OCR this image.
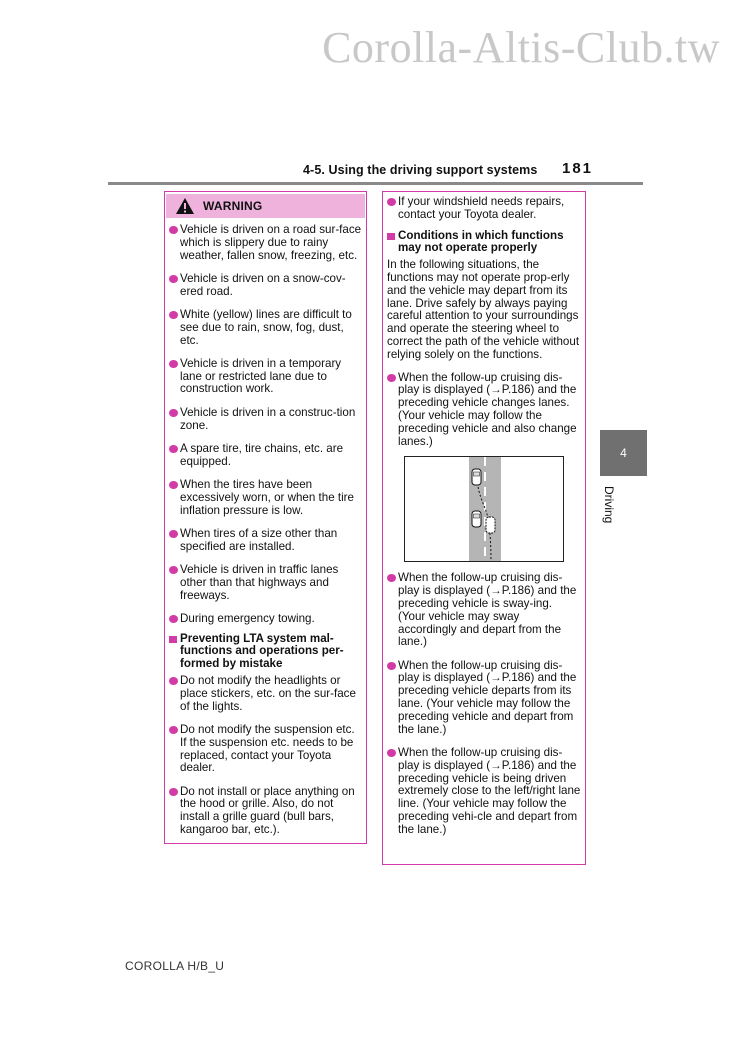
Corolla-Altis-Club.tw
4-5. Using the driving support systems 181
WARNING
Vehicle is driven on a road sur-face which is slippery due to rainy weather, fallen snow, freezing, etc.
Vehicle is driven on a snow-cov-ered road.
White (yellow) lines are difficult to see due to rain, snow, fog, dust, etc.
Vehicle is driven in a temporary lane or restricted lane due to construction work.
Vehicle is driven in a construc-tion zone.
A spare tire, tire chains, etc. are equipped.
When the tires have been excessively worn, or when the tire inflation pressure is low.
When tires of a size other than specified are installed.
Vehicle is driven in traffic lanes other than that highways and freeways.
During emergency towing.
Preventing LTA system mal-functions and operations per-formed by mistake
Do not modify the headlights or place stickers, etc. on the sur-face of the lights.
Do not modify the suspension etc. If the suspension etc. needs to be replaced, contact your Toyota dealer.
Do not install or place anything on the hood or grille. Also, do not install a grille guard (bull bars, kangaroo bar, etc.).
If your windshield needs repairs, contact your Toyota dealer.
Conditions in which functions may not operate properly
In the following situations, the functions may not operate prop-erly and the vehicle may depart from its lane. Drive safely by always paying careful attention to your surroundings and operate the steering wheel to correct the path of the vehicle without relying solely on the functions.
When the follow-up cruising dis-play is displayed (→P.186) and the preceding vehicle changes lanes. (Your vehicle may follow the preceding vehicle and also change lanes.)
When the follow-up cruising dis-play is displayed (→P.186) and the preceding vehicle is sway-ing. (Your vehicle may sway accordingly and depart from the lane.)
When the follow-up cruising dis-play is displayed (→P.186) and the preceding vehicle departs from its lane. (Your vehicle may follow the preceding vehicle and depart from the lane.)
When the follow-up cruising dis-play is displayed (→P.186) and the preceding vehicle is being driven extremely close to the left/right lane line. (Your vehicle may follow the preceding vehi-cle and depart from the lane.)
4
Driving
COROLLA H/B_U
